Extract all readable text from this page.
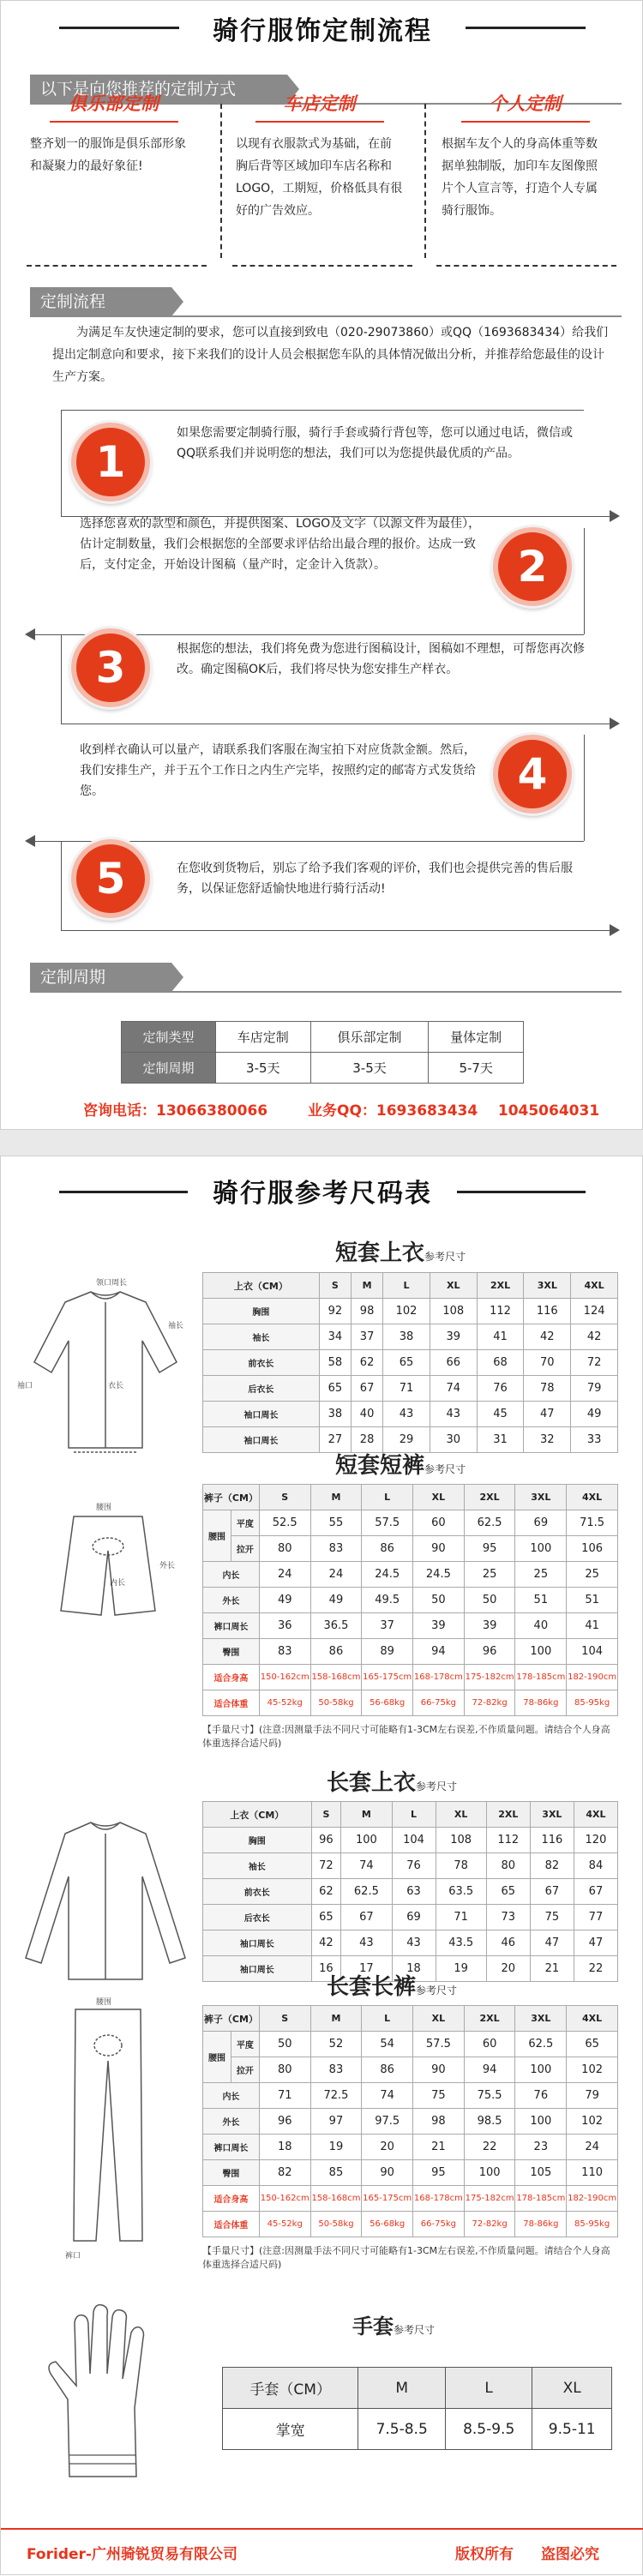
骑行服饰定制流程
以下是向您推荐的定制方式
俱乐部定制
整齐划一的服饰是俱乐部形象和凝聚力的最好象征!
车店定制
以现有衣服款式为基础，在前胸后背等区域加印车店名称和LOGO，工期短，价格低具有很好的广告效应。
个人定制
根据车友个人的身高体重等数据单独制版，加印车友图像照片个人宣言等，打造个人专属骑行服饰。
定制流程
为满足车友快速定制的要求，您可以直接到致电（020-29073860）或QQ（1693683434）给我们提出定制意向和要求，接下来我们的设计人员会根据您车队的具体情况做出分析，并推荐给您最佳的设计生产方案。
1
如果您需要定制骑行服，骑行手套或骑行背包等，您可以通过电话，微信或QQ联系我们并说明您的想法，我们可以为您提供最优质的产品。
2
选择您喜欢的款型和颜色，并提供图案、LOGO及文字（以源文件为最佳），估计定制数量，我们会根据您的全部要求评估给出最合理的报价。达成一致后，支付定金，开始设计图稿（量产时，定金计入货款）。
3	根据您的想法，我们将免费为您进行图稿设计，图稿如不理想，可帮您再次修改。确定图稿OK后，我们将尽快为您安排生产样衣。
4
收到样衣确认可以量产，请联系我们客服在淘宝拍下对应货款金额。然后，我们安排生产，并于五个工作日之内生产完毕，按照约定的邮寄方式发货给您。
5	在您收到货物后，别忘了给予我们客观的评价，我们也会提供完善的售后服务，以保证您舒适愉快地进行骑行活动!
定制周期
定制类型	车店定制	俱乐部定制	量体定制
定制周期	3-5天	3-5天	5-7天
咨询电话：13066380066	业务QQ：1693683434    1045064031
骑行服参考尺码表
短套上衣参考尺寸
上衣（CM）	S	M	L	XL	2XL	3XL	4XL
胸围	92	98	102	108	112	116	124
袖长	34	37	38	39	41	42	42
前衣长	58	62	65	66	68	70	72
后衣长	65	67	71	74	76	78	79
袖口周长	38	40	43	43	45	47	49
袖口周长	27	28	29	30	31	32	33
短套短裤参考尺寸
裤子（CM）		S	M	L	XL	2XL	3XL	4XL
腰围	平度	52.5	55	57.5	60	62.5	69	71.5
	拉开	80	83	86	90	95	100	106
内长		24	24	24.5	24.5	25	25	25
外长		49	49	49.5	50	50	51	51
裤口周长		36	36.5	37	39	39	40	41
臀围		83	86	89	94	96	100	104
适合身高		150-162cm	158-168cm	165-175cm	168-178cm	175-182cm	178-185cm	182-190cm
适合体重		45-52kg	50-58kg	56-68kg	66-75kg	72-82kg	78-86kg	85-95kg
【手量尺寸】(注意:因测量手法不同尺寸可能略有1-3CM左右误差,不作质量问题。请结合个人身高体重选择合适尺码)
长套上衣参考尺寸
上衣（CM）	S	M	L	XL	2XL	3XL	4XL
胸围	96	100	104	108	112	116	120
袖长	72	74	76	78	80	82	84
前衣长	62	62.5	63	63.5	65	67	67
后衣长	65	67	69	71	73	75	77
袖口周长	42	43	43	43.5	46	47	47
袖口周长	16	17	18	19	20	21	22
长套长裤参考尺寸
裤子（CM）		S	M	L	XL	2XL	3XL	4XL
腰围	平度	50	52	54	57.5	60	62.5	65
	拉开	80	83	86	90	94	100	102
内长		71	72.5	74	75	75.5	76	79
外长		96	97	97.5	98	98.5	100	102
裤口周长		18	19	20	21	22	23	24
臀围		82	85	90	95	100	105	110
适合身高		150-162cm	158-168cm	165-175cm	168-178cm	175-182cm	178-185cm	182-190cm
适合体重		45-52kg	50-58kg	56-68kg	66-75kg	72-82kg	78-86kg	85-95kg
【手量尺寸】(注意:因测量手法不同尺寸可能略有1-3CM左右误差,不作质量问题。请结合个人身高体重选择合适尺码)
领口周长
袖长
衣长
袖口
腰围
外长
内长
腰围
裤口
手套参考尺寸
手套（CM）	M	L	XL
掌宽	7.5-8.5	8.5-9.5	9.5-11
Forider-广州骑锐贸易有限公司	版权所有 盗图必究
